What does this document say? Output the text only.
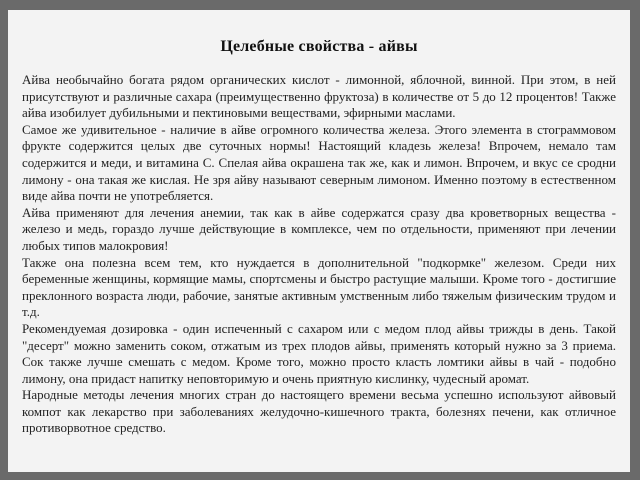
Целебные свойства - айвы

Айва необычайно богата рядом органических кислот - лимонной, яблочной, винной. При этом, в ней присутствуют и различные сахара (преимущественно фруктоза) в количестве от 5 до 12 процентов! Также айва изобилует дубильными и пектиновыми веществами, эфирными маслами.

Самое же удивительное - наличие в айве огромного количества железа. Этого элемента в стограммовом фрукте содержится целых две суточных нормы! Настоящий кладезь железа! Впрочем, немало там содержится и меди, и витамина С. Спелая айва окрашена так же, как и лимон. Впрочем, и вкус се сродни лимону - она такая же кислая. Не зря айву называют северным лимоном. Именно поэтому в естественном виде айва почти не употребляется.

Айва применяют для лечения анемии, так как в айве содержатся сразу два кроветворных вещества - железо и медь, гораздо лучше действующие в комплексе, чем по отдельности, применяют при лечении любых типов малокровия!

Также она полезна всем тем, кто нуждается в дополнительной "подкормке" железом. Среди них беременные женщины, кормящие мамы, спортсмены и быстро растущие малыши. Кроме того - достигшие преклонного возраста люди, рабочие, занятые активным умственным либо тяжелым физическим трудом и т.д.

Рекомендуемая дозировка - один испеченный с сахаром или с медом плод айвы трижды в день. Такой "десерт" можно заменить соком, отжатым из трех плодов айвы, применять который нужно за 3 приема. Сок также лучше смешать с медом. Кроме того, можно просто класть ломтики айвы в чай - подобно лимону, она придаст напитку неповторимую и очень приятную кислинку, чудесный аромат.

Народные методы лечения многих стран до настоящего времени весьма успешно используют айвовый компот как лекарство при заболеваниях желудочно-кишечного тракта, болезнях печени, как отличное противорвотное средство.
